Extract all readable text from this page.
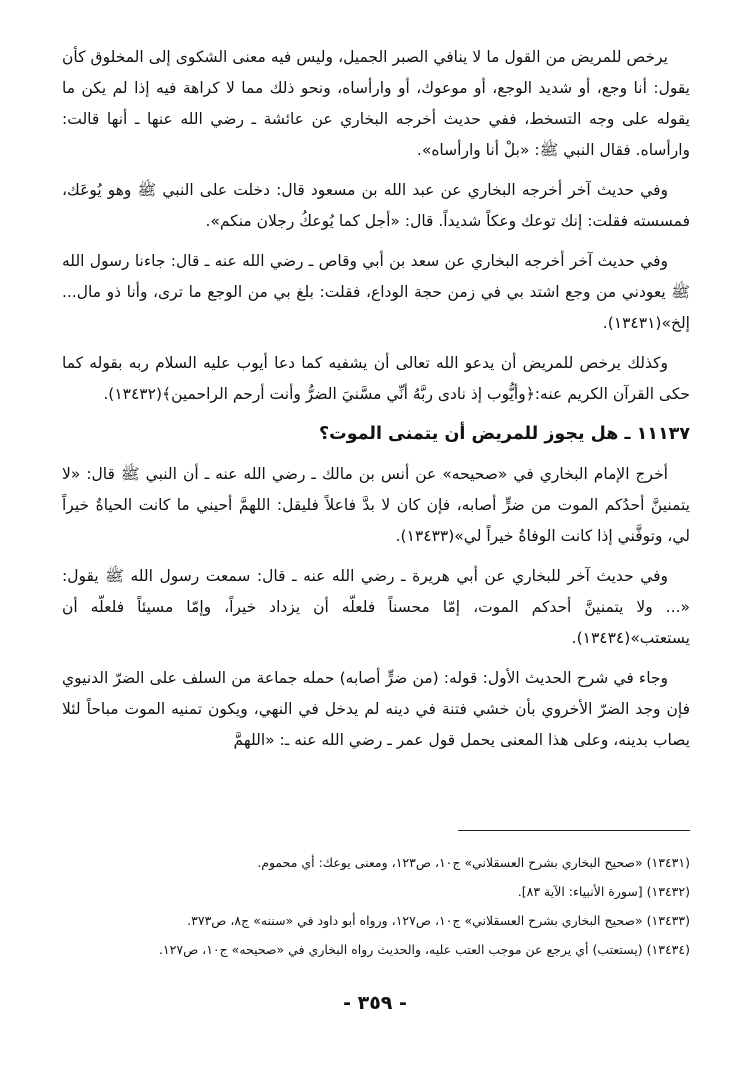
يرخص للمريض من القول ما لا ينافي الصبر الجميل، وليس فيه معنى الشكوى إلى المخلوق كأن يقول: أنا وجع، أو شديد الوجع، أو موعوك، أو وارأساه، ونحو ذلك مما لا كراهة فيه إذا لم يكن ما يقوله على وجه التسخط، ففي حديث أخرجه البخاري عن عائشة ـ رضي الله عنها ـ أنها قالت: وارأساه. فقال النبي ﷺ: «بلْ أنا وارأساه».

وفي حديث آخر أخرجه البخاري عن عبد الله بن مسعود قال: دخلت على النبي ﷺ وهو يُوعَك، فمسسته فقلت: إنك توعك وعكاً شديداً. قال: «أجل كما يُوعكُ رجلان منكم».

وفي حديث آخر أخرجه البخاري عن سعد بن أبي وقاص ـ رضي الله عنه ـ قال: جاءنا رسول الله ﷺ يعودني من وجع اشتد بي في زمن حجة الوداع، فقلت: بلغ بي من الوجع ما ترى، وأنا ذو مال... إلخ»(١٣٤٣١).

وكذلك يرخص للمريض أن يدعو الله تعالى أن يشفيه كما دعا أيوب عليه السلام ربه بقوله كما حكى القرآن الكريم عنه:﴿وأيُّوب إذ نادى ربَّهُ أنِّي مسَّنيَ الضرُّ وأنت أرحم الراحمين﴾(١٣٤٣٢).

١١١٣٧ ـ هل يجوز للمريض أن يتمنى الموت؟

أخرج الإمام البخاري في «صحيحه» عن أنس بن مالك ـ رضي الله عنه ـ أن النبي ﷺ قال: «لا يتمنينَّ أحدُكم الموت من ضرٍّ أصابه، فإن كان لا بدَّ فاعلاً فليقل: اللهمَّ أحيني ما كانت الحياةُ خيراً لي، وتوفَّني إذا كانت الوفاةُ خيراً لي»(١٣٤٣٣).

وفي حديث آخر للبخاري عن أبي هريرة ـ رضي الله عنه ـ قال: سمعت رسول الله ﷺ يقول: «... ولا يتمنينَّ أحدكم الموت، إمّا محسناً فلعلّه أن يزداد خيراً، وإمّا مسيئاً فلعلّه أن يستعتب»(١٣٤٣٤).

وجاء في شرح الحديث الأول: قوله: (من ضرٍّ أصابه) حمله جماعة من السلف على الضرّ الدنيوي فإن وجد الضرّ الأخروي بأن خشي فتنة في دينه لم يدخل في النهي، ويكون تمنيه الموت مباحاً لئلا يصاب بدينه، وعلى هذا المعنى يحمل قول عمر ـ رضي الله عنه ـ: «اللهمَّ

(١٣٤٣١) «صحيح البخاري بشرح العسقلاني» ج١٠، ص١٢٣، ومعنى يوعك: أي محموم.

(١٣٤٣٢) [سورة الأنبياء: الآية ٨٣].

(١٣٤٣٣) «صحيح البخاري بشرح العسقلاني» ج١٠، ص١٢٧، ورواه أبو داود في «سننه» ج٨، ص٣٧٣.

(١٣٤٣٤) (يستعتب) أي يرجع عن موجب العتب عليه، والحديث رواه البخاري في «صحيحه» ج١٠، ص١٢٧.

- ٣٥٩ -
